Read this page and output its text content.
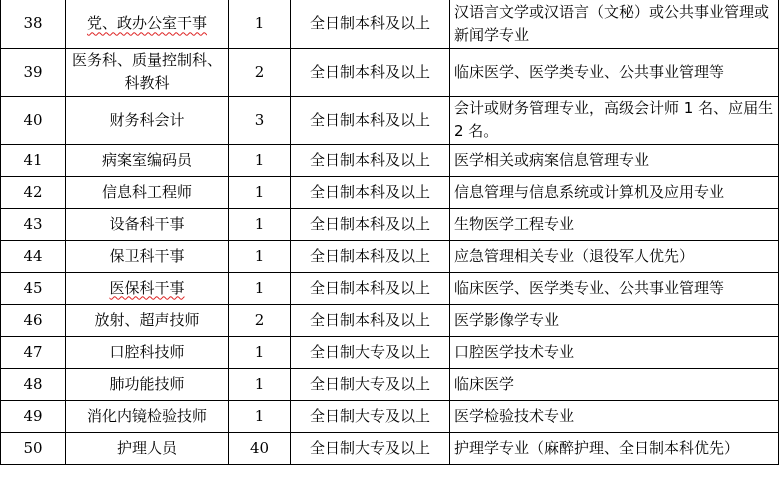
38	党、政办公室干事	1	全日制本科及以上	汉语言文学或汉语言（文秘）或公共事业管理或新闻学专业
39	医务科、质量控制科、科教科	2	全日制本科及以上	临床医学、医学类专业、公共事业管理等
40	财务科会计	3	全日制本科及以上	会计或财务管理专业，高级会计师 1 名、应届生 2 名。
41	病案室编码员	1	全日制本科及以上	医学相关或病案信息管理专业
42	信息科工程师	1	全日制本科及以上	信息管理与信息系统或计算机及应用专业
43	设备科干事	1	全日制本科及以上	生物医学工程专业
44	保卫科干事	1	全日制本科及以上	应急管理相关专业（退役军人优先）
45	医保科干事	1	全日制本科及以上	临床医学、医学类专业、公共事业管理等
46	放射、超声技师	2	全日制本科及以上	医学影像学专业
47	口腔科技师	1	全日制大专及以上	口腔医学技术专业
48	肺功能技师	1	全日制大专及以上	临床医学
49	消化内镜检验技师	1	全日制大专及以上	医学检验技术专业
50	护理人员	40	全日制大专及以上	护理学专业（麻醉护理、全日制本科优先）
